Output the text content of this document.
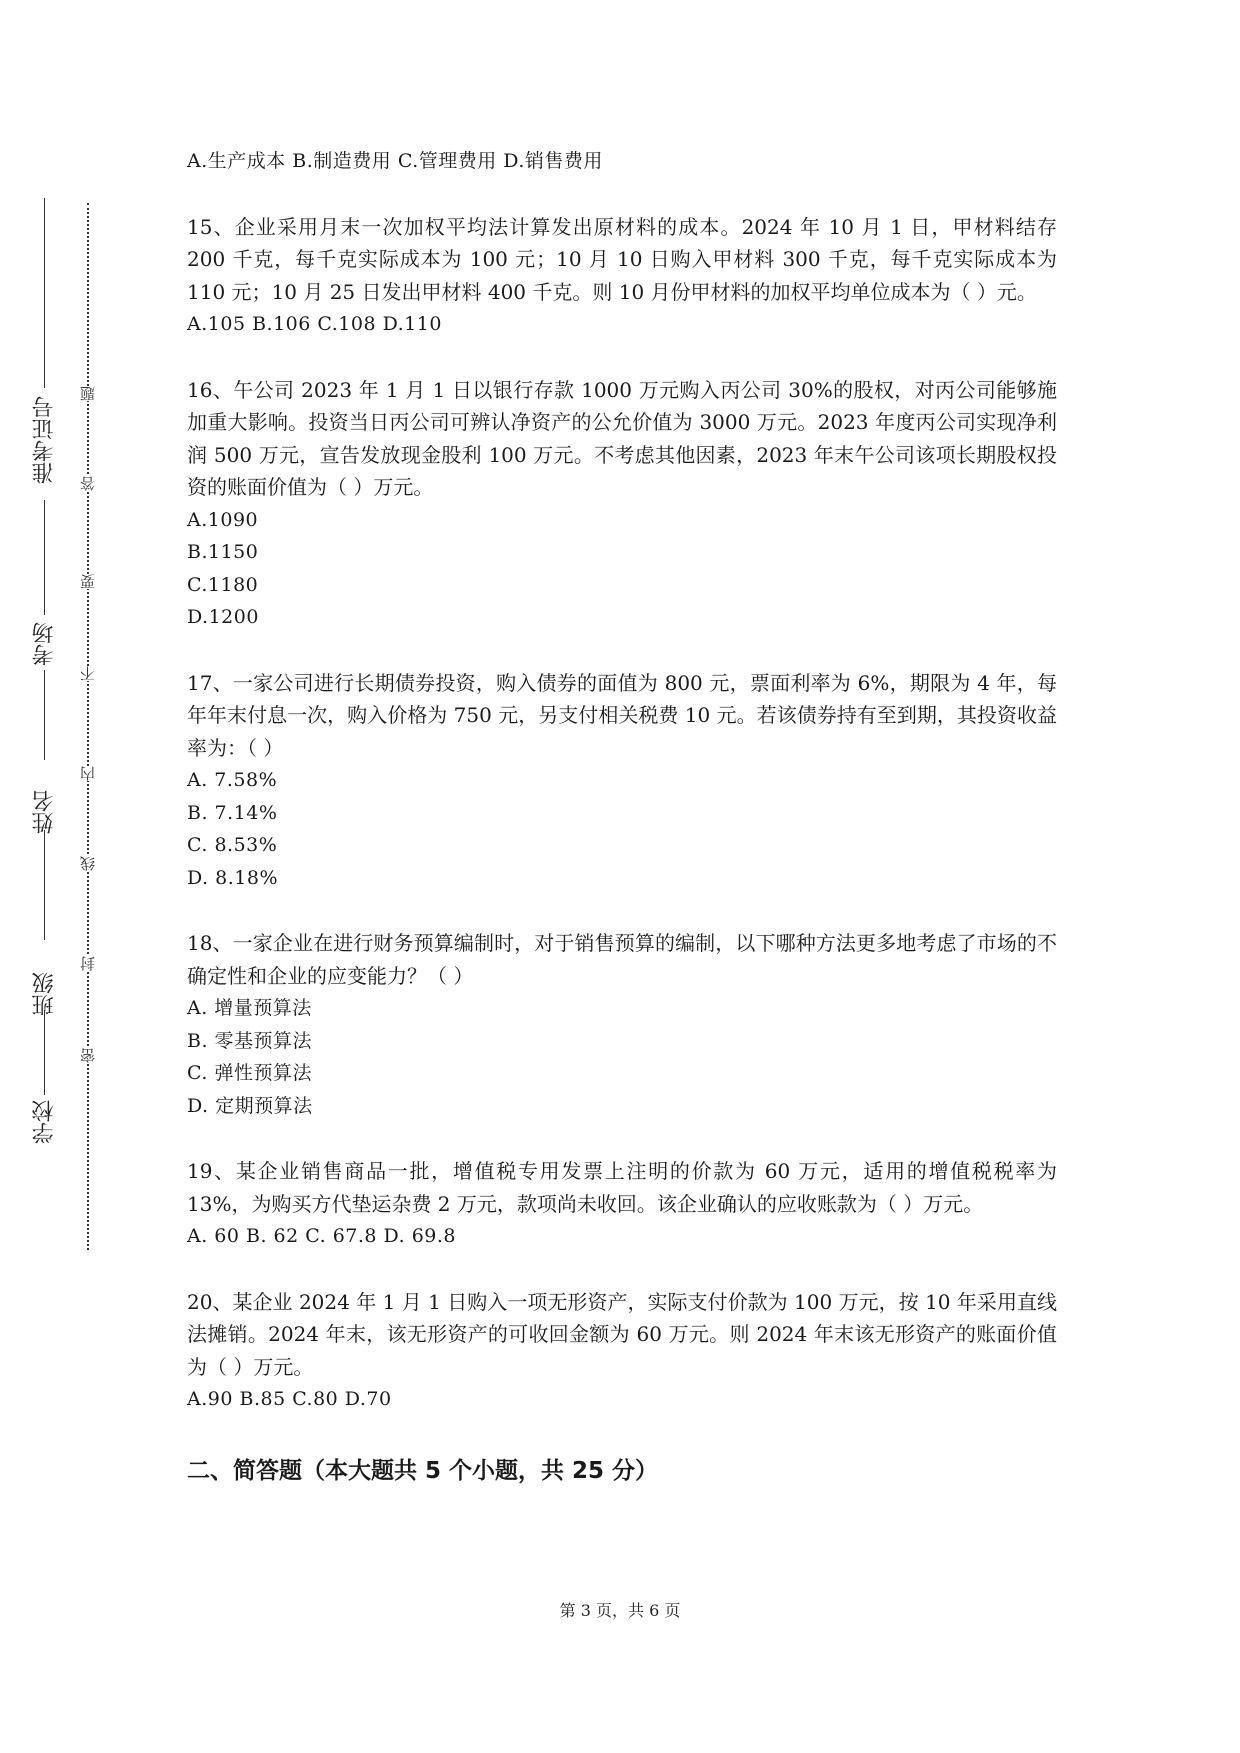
准考证号
考场
姓名
班级
学校
题
答
要
不
内
线
封
密

A.生产成本 B.制造费用 C.管理费用 D.销售费用

15、企业采用月末一次加权平均法计算发出原材料的成本。2024 年 10 月 1 日，甲材料结存 200 千克，每千克实际成本为 100 元；10 月 10 日购入甲材料 300 千克，每千克实际成本为 110 元；10 月 25 日发出甲材料 400 千克。则 10 月份甲材料的加权平均单位成本为（ ）元。

A.105 B.106 C.108 D.110

16、午公司 2023 年 1 月 1 日以银行存款 1000 万元购入丙公司 30%的股权，对丙公司能够施加重大影响。投资当日丙公司可辨认净资产的公允价值为 3000 万元。2023 年度丙公司实现净利润 500 万元，宣告发放现金股利 100 万元。不考虑其他因素，2023 年末午公司该项长期股权投资的账面价值为（ ）万元。

A.1090

B.1150

C.1180

D.1200

17、一家公司进行长期债券投资，购入债券的面值为 800 元，票面利率为 6%，期限为 4 年，每年年末付息一次，购入价格为 750 元，另支付相关税费 10 元。若该债券持有至到期，其投资收益率为：（ ）

A. 7.58%

B. 7.14%

C. 8.53%

D. 8.18%

18、一家企业在进行财务预算编制时，对于销售预算的编制，以下哪种方法更多地考虑了市场的不确定性和企业的应变能力？（ ）

A. 增量预算法

B. 零基预算法

C. 弹性预算法

D. 定期预算法

19、某企业销售商品一批，增值税专用发票上注明的价款为 60 万元，适用的增值税税率为 13%，为购买方代垫运杂费 2 万元，款项尚未收回。该企业确认的应收账款为（ ）万元。

A. 60 B. 62 C. 67.8 D. 69.8

20、某企业 2024 年 1 月 1 日购入一项无形资产，实际支付价款为 100 万元，按 10 年采用直线法摊销。2024 年末，该无形资产的可收回金额为 60 万元。则 2024 年末该无形资产的账面价值为（ ）万元。

A.90 B.85 C.80 D.70

二、简答题（本大题共 5 个小题，共 25 分）

第 3 页，共 6 页
